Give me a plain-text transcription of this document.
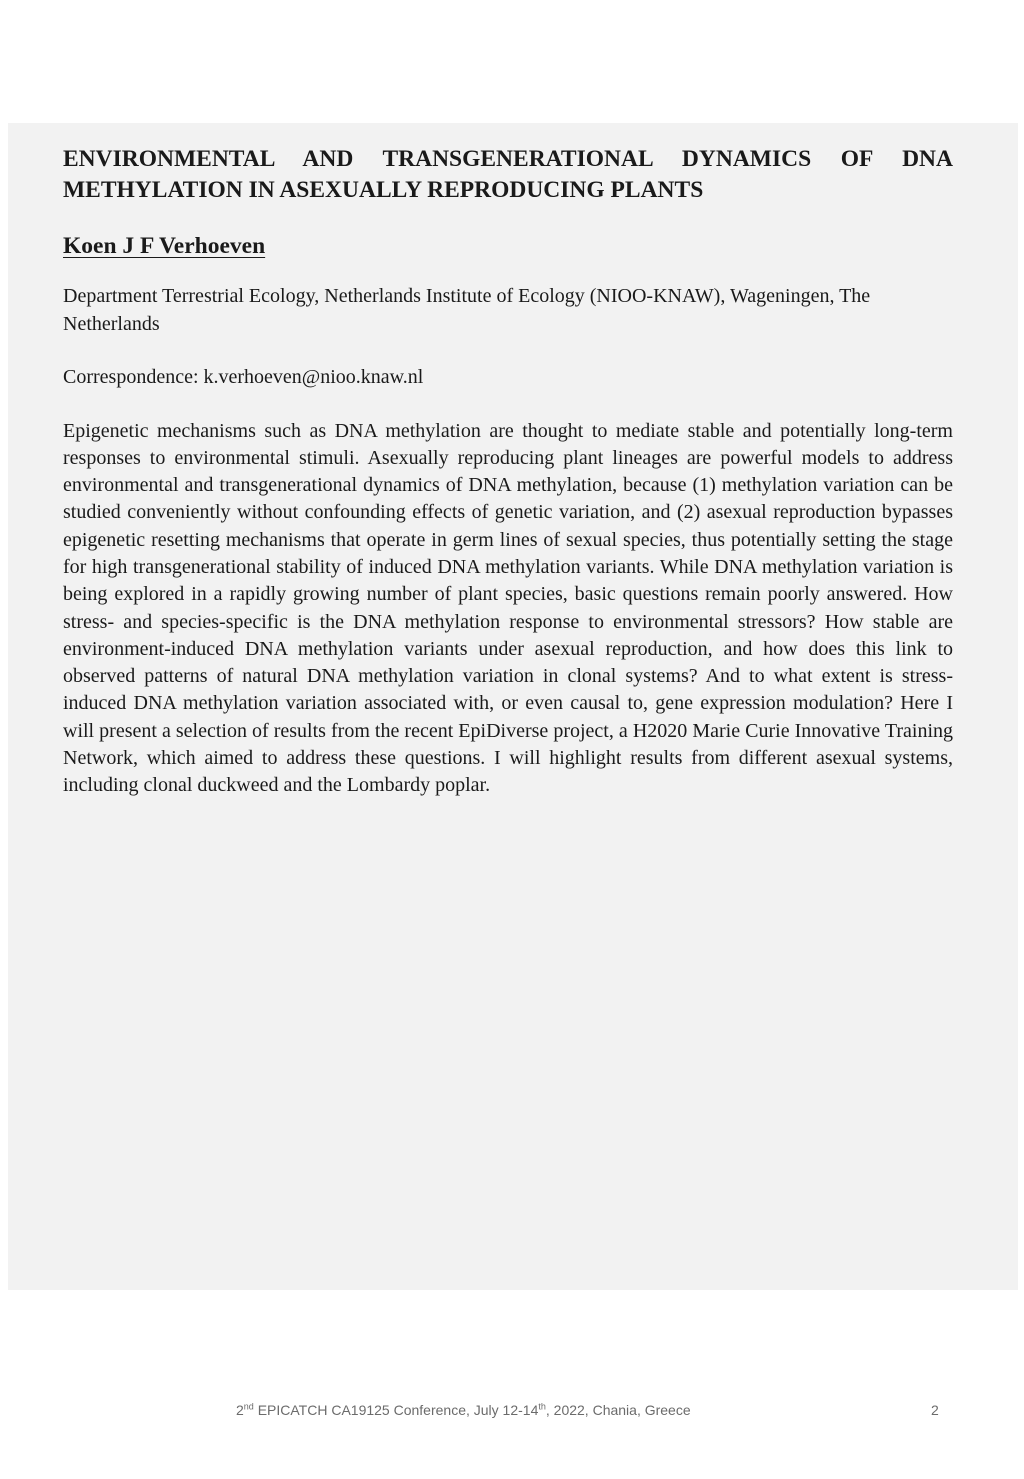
ENVIRONMENTAL AND TRANSGENERATIONAL DYNAMICS OF DNA METHYLATION IN ASEXUALLY REPRODUCING PLANTS
Koen J F Verhoeven
Department Terrestrial Ecology, Netherlands Institute of Ecology (NIOO-KNAW), Wageningen, The Netherlands
Correspondence: k.verhoeven@nioo.knaw.nl
Epigenetic mechanisms such as DNA methylation are thought to mediate stable and potentially long-term responses to environmental stimuli. Asexually reproducing plant lineages are powerful models to address environmental and transgenerational dynamics of DNA methylation, because (1) methylation variation can be studied conveniently without confounding effects of genetic variation, and (2) asexual reproduction bypasses epigenetic resetting mechanisms that operate in germ lines of sexual species, thus potentially setting the stage for high transgenerational stability of induced DNA methylation variants. While DNA methylation variation is being explored in a rapidly growing number of plant species, basic questions remain poorly answered. How stress- and species-specific is the DNA methylation response to environmental stressors? How stable are environment-induced DNA methylation variants under asexual reproduction, and how does this link to observed patterns of natural DNA methylation variation in clonal systems? And to what extent is stress-induced DNA methylation variation associated with, or even causal to, gene expression modulation? Here I will present a selection of results from the recent EpiDiverse project, a H2020 Marie Curie Innovative Training Network, which aimed to address these questions. I will highlight results from different asexual systems, including clonal duckweed and the Lombardy poplar.
2nd EPICATCH CA19125 Conference, July 12-14th, 2022, Chania, Greece	2
